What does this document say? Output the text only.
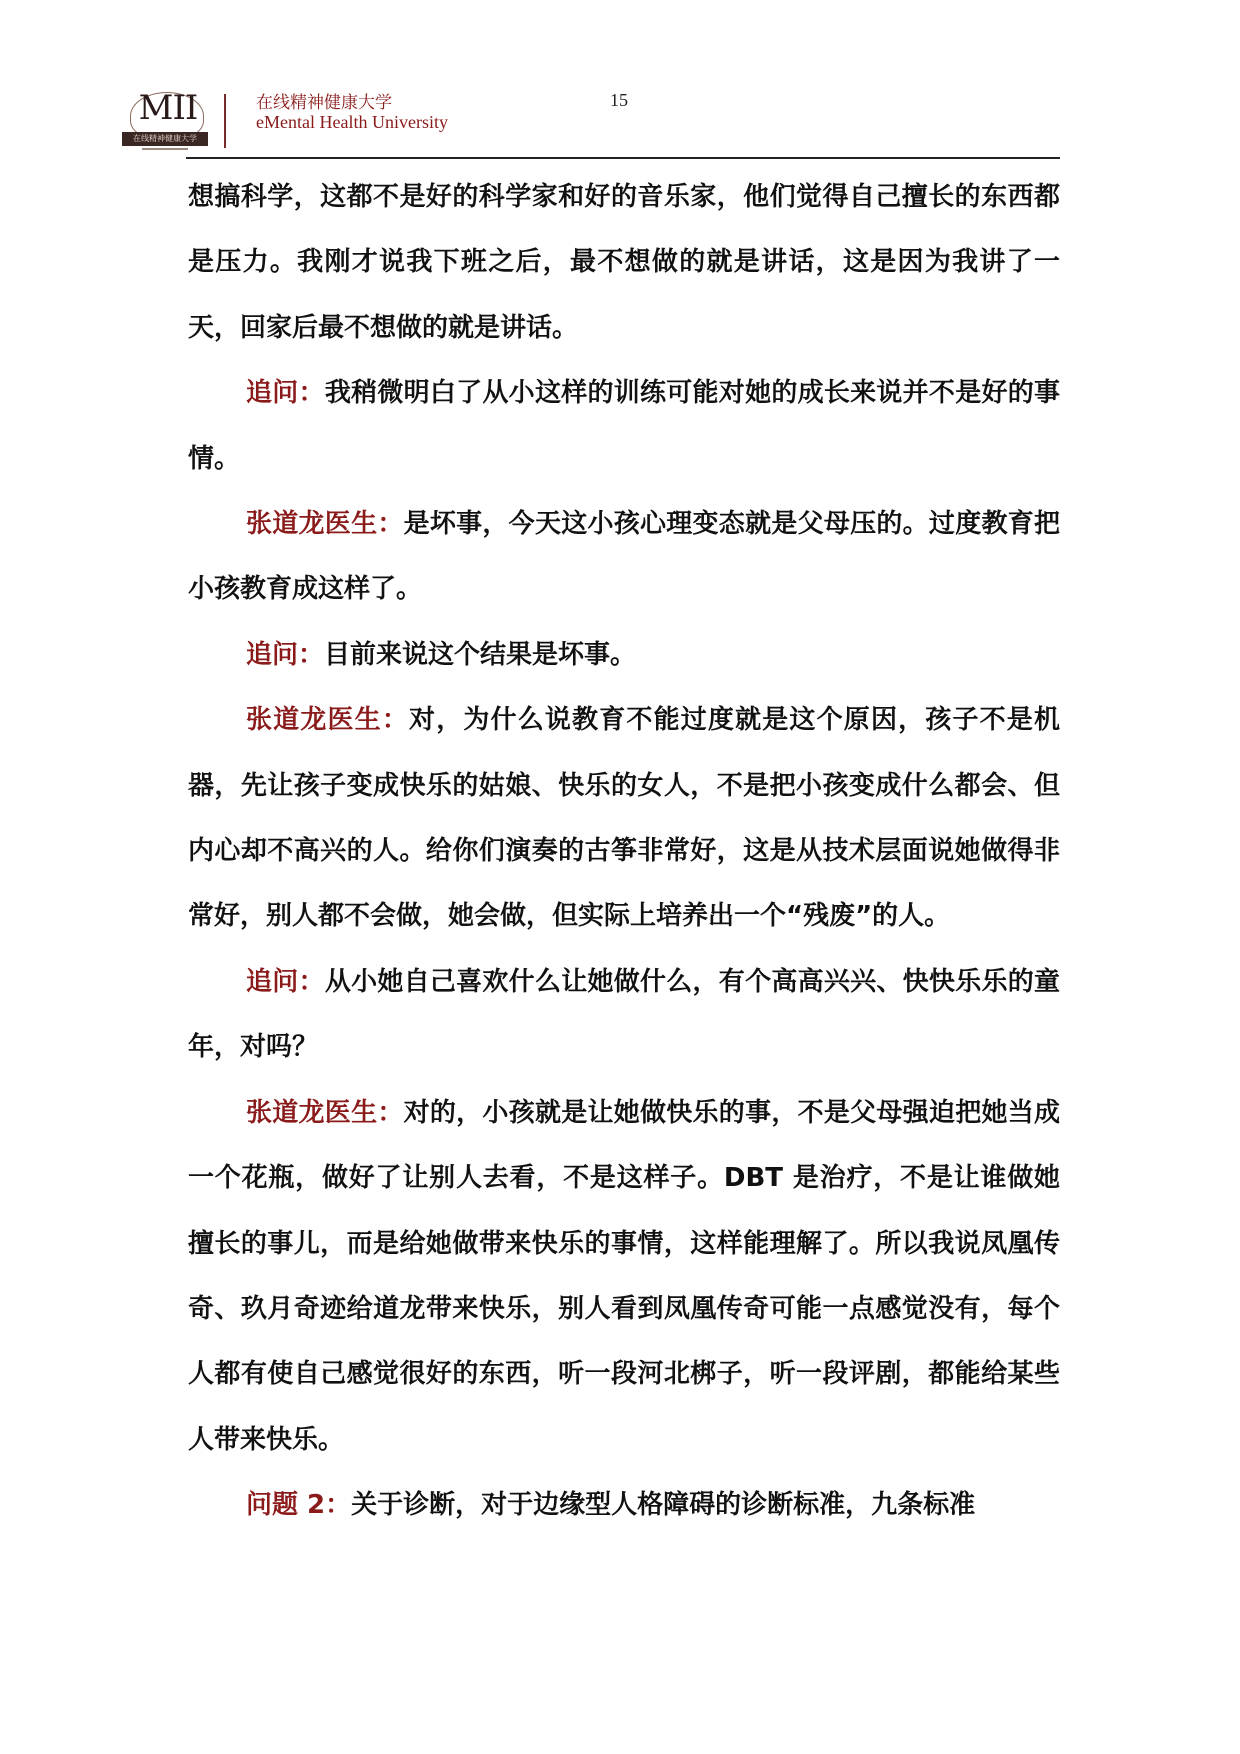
MII
在线精神健康大学
在线精神健康大学
eMental Health University
15

想搞科学，这都不是好的科学家和好的音乐家，他们觉得自己擅长的东西都是压力。我刚才说我下班之后，最不想做的就是讲话，这是因为我讲了一天，回家后最不想做的就是讲话。

追问：我稍微明白了从小这样的训练可能对她的成长来说并不是好的事情。

张道龙医生：是坏事，今天这小孩心理变态就是父母压的。过度教育把小孩教育成这样了。

追问：目前来说这个结果是坏事。

张道龙医生：对，为什么说教育不能过度就是这个原因，孩子不是机器，先让孩子变成快乐的姑娘、快乐的女人，不是把小孩变成什么都会、但内心却不高兴的人。给你们演奏的古筝非常好，这是从技术层面说她做得非常好，别人都不会做，她会做，但实际上培养出一个“残废”的人。

追问：从小她自己喜欢什么让她做什么，有个高高兴兴、快快乐乐的童年，对吗？

张道龙医生：对的，小孩就是让她做快乐的事，不是父母强迫把她当成一个花瓶，做好了让别人去看，不是这样子。DBT 是治疗，不是让谁做她擅长的事儿，而是给她做带来快乐的事情，这样能理解了。所以我说凤凰传奇、玖月奇迹给道龙带来快乐，别人看到凤凰传奇可能一点感觉没有，每个人都有使自己感觉很好的东西，听一段河北梆子，听一段评剧，都能给某些人带来快乐。

问题 2：关于诊断，对于边缘型人格障碍的诊断标准，九条标准
